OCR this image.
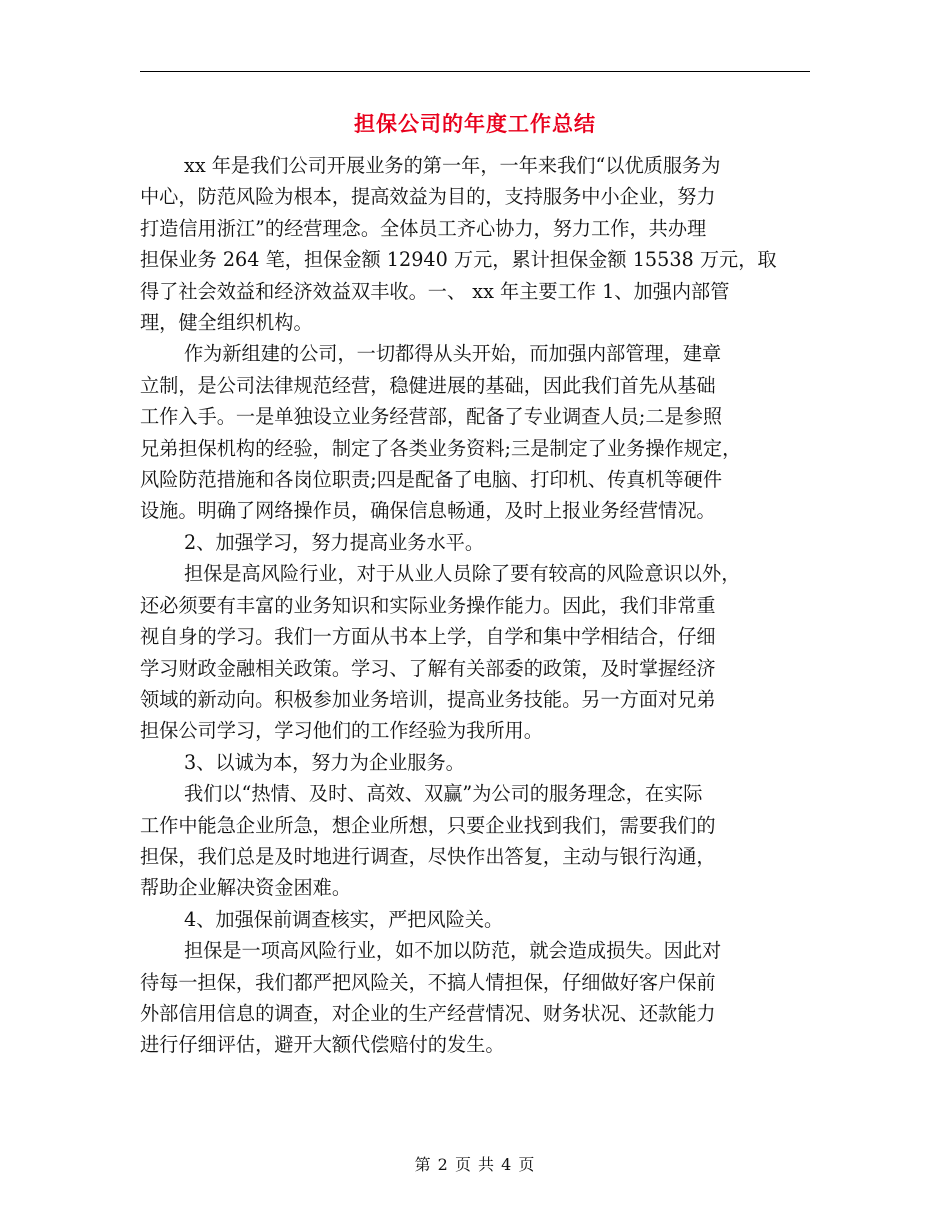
担保公司的年度工作总结
xx 年是我们公司开展业务的第一年，一年来我们“以优质服务为
中心，防范风险为根本，提高效益为目的，支持服务中小企业，努力
打造信用浙江”的经营理念。全体员工齐心协力，努力工作，共办理
担保业务 264 笔，担保金额 12940 万元，累计担保金额 15538 万元，取
得了社会效益和经济效益双丰收。一、 xx 年主要工作 1、加强内部管
理，健全组织机构。
作为新组建的公司，一切都得从头开始，而加强内部管理，建章
立制，是公司法律规范经营，稳健进展的基础，因此我们首先从基础
工作入手。一是单独设立业务经营部，配备了专业调查人员;二是参照
兄弟担保机构的经验，制定了各类业务资料;三是制定了业务操作规定，
风险防范措施和各岗位职责;四是配备了电脑、打印机、传真机等硬件
设施。明确了网络操作员，确保信息畅通，及时上报业务经营情况。
2、加强学习，努力提高业务水平。
担保是高风险行业，对于从业人员除了要有较高的风险意识以外，
还必须要有丰富的业务知识和实际业务操作能力。因此，我们非常重
视自身的学习。我们一方面从书本上学，自学和集中学相结合，仔细
学习财政金融相关政策。学习、了解有关部委的政策，及时掌握经济
领域的新动向。积极参加业务培训，提高业务技能。另一方面对兄弟
担保公司学习，学习他们的工作经验为我所用。
3、以诚为本，努力为企业服务。
我们以“热情、及时、高效、双赢”为公司的服务理念，在实际
工作中能急企业所急，想企业所想，只要企业找到我们，需要我们的
担保，我们总是及时地进行调查，尽快作出答复，主动与银行沟通，
帮助企业解决资金困难。
4、加强保前调查核实，严把风险关。
担保是一项高风险行业，如不加以防范，就会造成损失。因此对
待每一担保，我们都严把风险关，不搞人情担保，仔细做好客户保前
外部信用信息的调查，对企业的生产经营情况、财务状况、还款能力
进行仔细评估，避开大额代偿赔付的发生。
第 2 页 共 4 页
